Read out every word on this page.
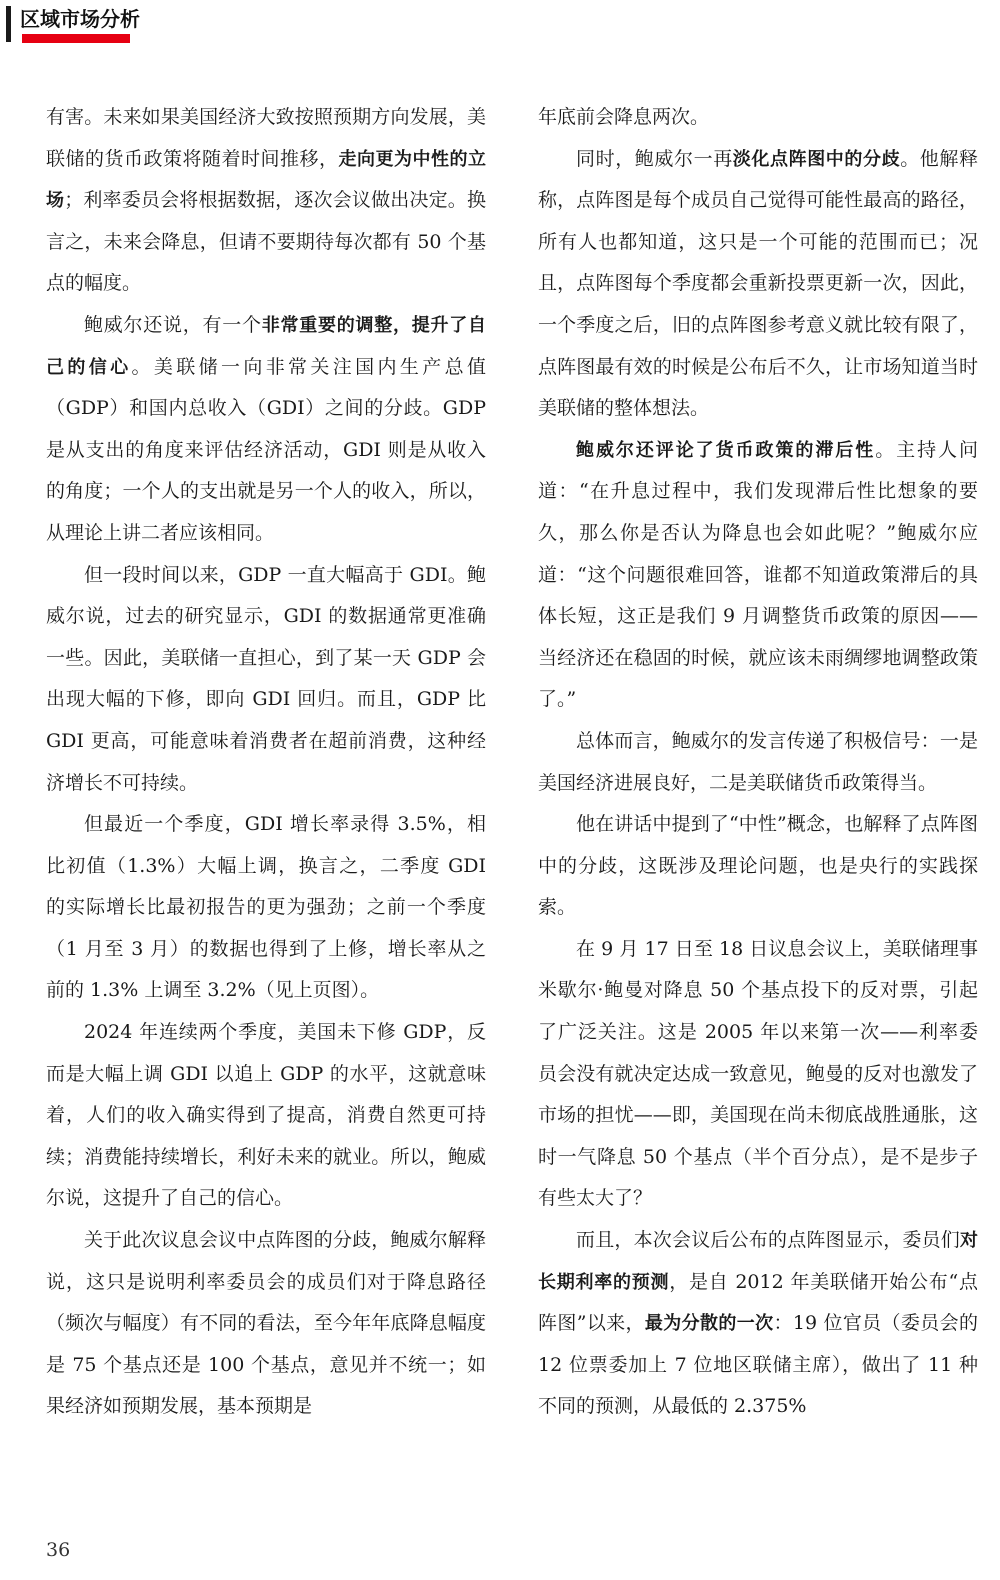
区域市场分析

有害。未来如果美国经济大致按照预期方向发展，美联储的货币政策将随着时间推移，走向更为中性的立场；利率委员会将根据数据，逐次会议做出决定。换言之，未来会降息，但请不要期待每次都有 50 个基点的幅度。

鲍威尔还说，有一个非常重要的调整，提升了自己的信心。美联储一向非常关注国内生产总值（GDP）和国内总收入（GDI）之间的分歧。GDP 是从支出的角度来评估经济活动，GDI 则是从收入的角度；一个人的支出就是另一个人的收入，所以，从理论上讲二者应该相同。

但一段时间以来，GDP 一直大幅高于 GDI。鲍威尔说，过去的研究显示，GDI 的数据通常更准确一些。因此，美联储一直担心，到了某一天 GDP 会出现大幅的下修，即向 GDI 回归。而且，GDP 比 GDI 更高，可能意味着消费者在超前消费，这种经济增长不可持续。

但最近一个季度，GDI 增长率录得 3.5%，相比初值（1.3%）大幅上调，换言之，二季度 GDI 的实际增长比最初报告的更为强劲；之前一个季度（1 月至 3 月）的数据也得到了上修，增长率从之前的 1.3% 上调至 3.2%（见上页图）。

2024 年连续两个季度，美国未下修 GDP，反而是大幅上调 GDI 以追上 GDP 的水平，这就意味着，人们的收入确实得到了提高，消费自然更可持续；消费能持续增长，利好未来的就业。所以，鲍威尔说，这提升了自己的信心。

关于此次议息会议中点阵图的分歧，鲍威尔解释说，这只是说明利率委员会的成员们对于降息路径（频次与幅度）有不同的看法，至今年年底降息幅度是 75 个基点还是 100 个基点，意见并不统一；如果经济如预期发展，基本预期是

年底前会降息两次。

同时，鲍威尔一再淡化点阵图中的分歧。他解释称，点阵图是每个成员自己觉得可能性最高的路径，所有人也都知道，这只是一个可能的范围而已；况且，点阵图每个季度都会重新投票更新一次，因此，一个季度之后，旧的点阵图参考意义就比较有限了，点阵图最有效的时候是公布后不久，让市场知道当时美联储的整体想法。

鲍威尔还评论了货币政策的滞后性。主持人问道：“在升息过程中，我们发现滞后性比想象的要久，那么你是否认为降息也会如此呢？”鲍威尔应道：“这个问题很难回答，谁都不知道政策滞后的具体长短，这正是我们 9 月调整货币政策的原因——当经济还在稳固的时候，就应该未雨绸缪地调整政策了。”

总体而言，鲍威尔的发言传递了积极信号：一是美国经济进展良好，二是美联储货币政策得当。

他在讲话中提到了“中性”概念，也解释了点阵图中的分歧，这既涉及理论问题，也是央行的实践探索。

在 9 月 17 日至 18 日议息会议上，美联储理事米歇尔·鲍曼对降息 50 个基点投下的反对票，引起了广泛关注。这是 2005 年以来第一次——利率委员会没有就决定达成一致意见，鲍曼的反对也激发了市场的担忧——即，美国现在尚未彻底战胜通胀，这时一气降息 50 个基点（半个百分点），是不是步子有些太大了？

而且，本次会议后公布的点阵图显示，委员们对长期利率的预测，是自 2012 年美联储开始公布“点阵图”以来，最为分散的一次：19 位官员（委员会的 12 位票委加上 7 位地区联储主席），做出了 11 种不同的预测，从最低的 2.375%

36
